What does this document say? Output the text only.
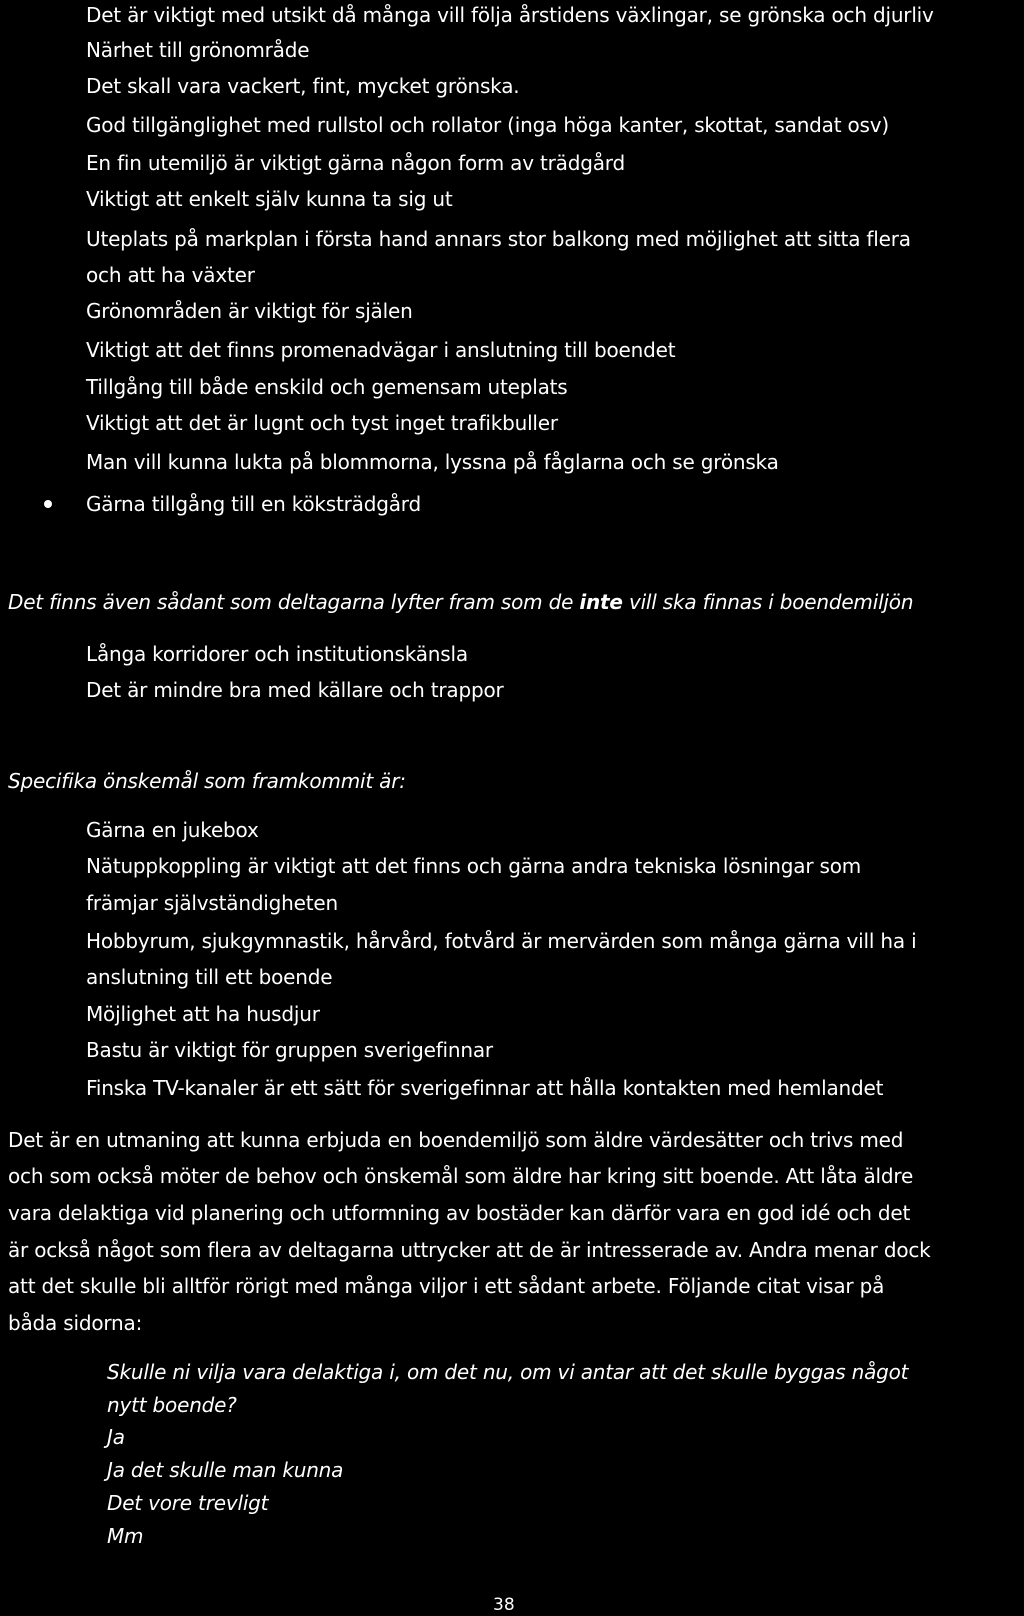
Det är viktigt med utsikt då många vill följa årstidens växlingar, se grönska och djurliv
Närhet till grönområde
Det skall vara vackert, fint, mycket grönska.
God tillgänglighet med rullstol och rollator (inga höga kanter, skottat, sandat osv)
En fin utemiljö är viktigt gärna någon form av trädgård
Viktigt att enkelt själv kunna ta sig ut
Uteplats på markplan i första hand annars stor balkong med möjlighet att sitta flera
och att ha växter
Grönområden är viktigt för själen
Viktigt att det finns promenadvägar i anslutning till boendet
Tillgång till både enskild och gemensam uteplats
Viktigt att det är lugnt och tyst inget trafikbuller
Man vill kunna lukta på blommorna, lyssna på fåglarna och se grönska
Gärna tillgång till en köksträdgård
Det finns även sådant som deltagarna lyfter fram som de inte vill ska finnas i boendemiljön
Långa korridorer och institutionskänsla
Det är mindre bra med källare och trappor
Specifika önskemål som framkommit är:
Gärna en jukebox
Nätuppkoppling är viktigt att det finns och gärna andra tekniska lösningar som
främjar självständigheten
Hobbyrum, sjukgymnastik, hårvård, fotvård är mervärden som många gärna vill ha i
anslutning till ett boende
Möjlighet att ha husdjur
Bastu är viktigt för gruppen sverigefinnar
Finska TV-kanaler är ett sätt för sverigefinnar att hålla kontakten med hemlandet
Det är en utmaning att kunna erbjuda en boendemiljö som äldre värdesätter och trivs med
och som också möter de behov och önskemål som äldre har kring sitt boende. Att låta äldre
vara delaktiga vid planering och utformning av bostäder kan därför vara en god idé och det
är också något som flera av deltagarna uttrycker att de är intresserade av. Andra menar dock
att det skulle bli alltför rörigt med många viljor i ett sådant arbete. Följande citat visar på
båda sidorna:
Skulle ni vilja vara delaktiga i, om det nu, om vi antar att det skulle byggas något
nytt boende?
Ja
Ja det skulle man kunna
Det vore trevligt
Mm
38
